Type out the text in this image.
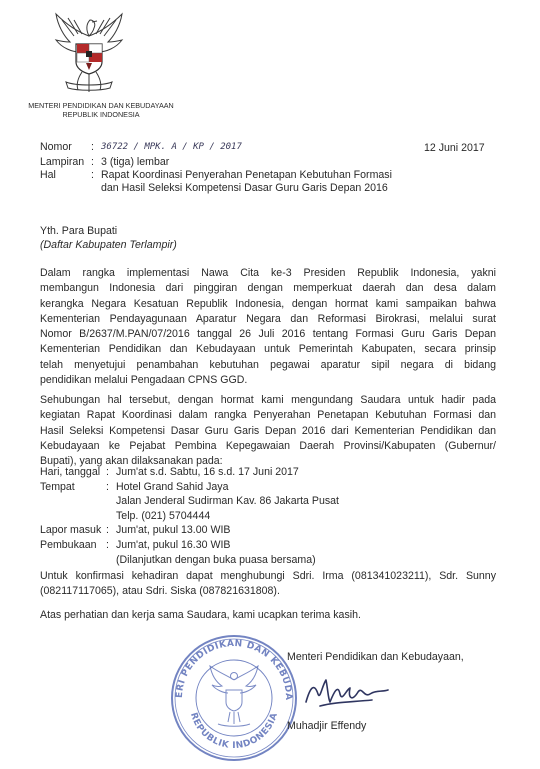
MENTERI PENDIDIKAN DAN KEBUDAYAAN
REPUBLIK INDONESIA
Nomor	: 36722 / MPK. A / KP / 2017
Lampiran : 3 (tiga) lembar
Hal	: Rapat Koordinasi Penyerahan Penetapan Kebutuhan Formasi
dan Hasil Seleksi Kompetensi Dasar Guru Garis Depan 2016
12 Juni 2017
Yth. Para Bupati
(Daftar Kabupaten Terlampir)
Dalam rangka implementasi Nawa Cita ke-3 Presiden Republik Indonesia, yakni
membangun Indonesia dari pinggiran dengan memperkuat daerah dan desa dalam
kerangka Negara Kesatuan Republik Indonesia, dengan hormat kami sampaikan bahwa
Kementerian Pendayagunaan Aparatur Negara dan Reformasi Birokrasi, melalui surat
Nomor B/2637/M.PAN/07/2016 tanggal 26 Juli 2016 tentang Formasi Guru Garis Depan
Kementerian Pendidikan dan Kebudayaan untuk Pemerintah Kabupaten, secara prinsip
telah menyetujui penambahan kebutuhan pegawai aparatur sipil negara di bidang
pendidikan melalui Pengadaan CPNS GGD.
Sehubungan hal tersebut, dengan hormat kami mengundang Saudara untuk hadir pada
kegiatan Rapat Koordinasi dalam rangka Penyerahan Penetapan Kebutuhan Formasi dan
Hasil Seleksi Kompetensi Dasar Guru Garis Depan 2016 dari Kementerian Pendidikan dan
Kebudayaan ke Pejabat Pembina Kepegawaian Daerah Provinsi/Kabupaten (Gubernur/
Bupati), yang akan dilaksanakan pada:
Hari, tanggal : Jum'at s.d. Sabtu, 16 s.d. 17 Juni 2017
Tempat	: Hotel Grand Sahid Jaya
Jalan Jenderal Sudirman Kav. 86 Jakarta Pusat
Telp. (021) 5704444
Lapor masuk : Jum'at, pukul 13.00 WIB
Pembukaan : Jum'at, pukul 16.30 WIB
(Dilanjutkan dengan buka puasa bersama)
Untuk konfirmasi kehadiran dapat menghubungi Sdri. Irma (081341023211), Sdr. Sunny
(082117117065), atau Sdri. Siska (087821631808).
Atas perhatian dan kerja sama Saudara, kami ucapkan terima kasih.
ERI PENDIDIKAN DAN KEBUDA
REPUBLIK INDONESIA
Menteri Pendidikan dan Kebudayaan,
Muhadjir Effendy
